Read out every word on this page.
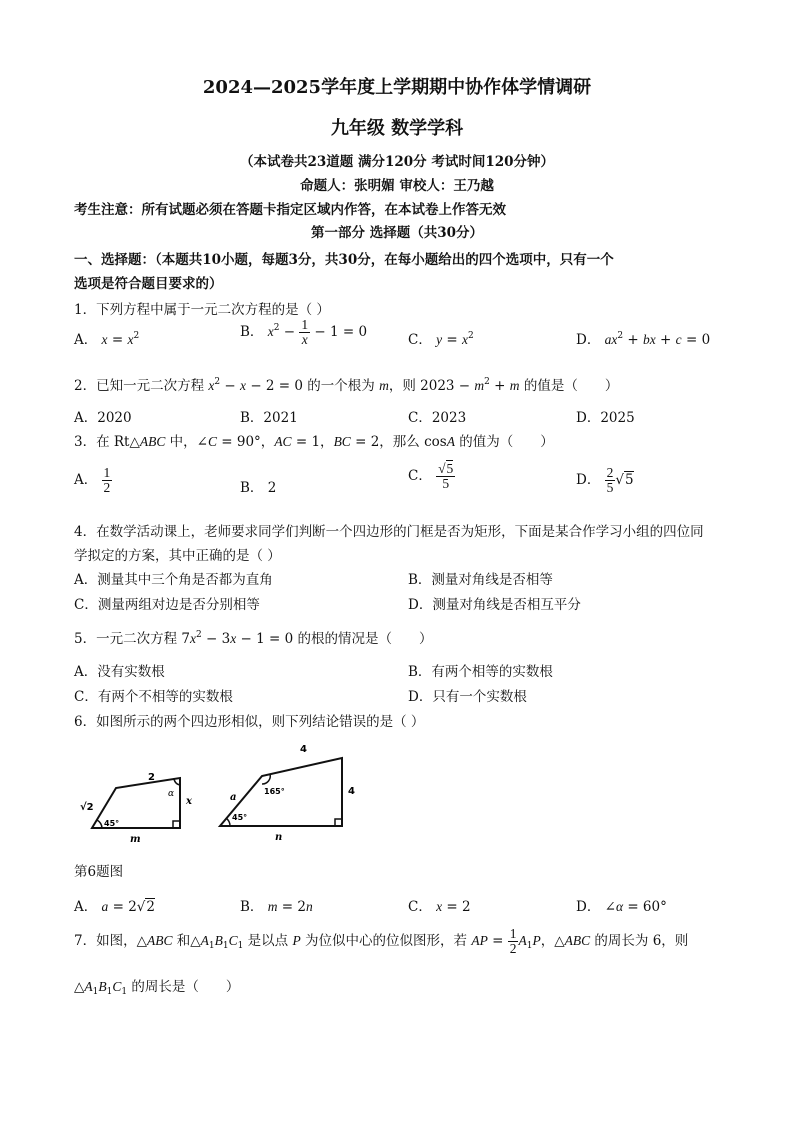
2024—2025学年度上学期期中协作体学情调研
九年级 数学学科
（本试卷共23道题 满分120分 考试时间120分钟）
命题人：张明媚 审校人：王乃越
考生注意：所有试题必须在答题卡指定区域内作答，在本试卷上作答无效
第一部分 选择题（共30分）
一、选择题：（本题共10小题，每题3分，共30分，在每小题给出的四个选项中，只有一个
选项是符合题目要求的）
1．下列方程中属于一元二次方程的是（ ）
A． $x = x^2$	B． $x^2 - \frac{1}{x} - 1 = 0$	C． $y = x^2$	D． $ax^2$ + bx + c = 0
2．已知一元二次方程 $x^2 - x - 2 = 0$ 的一个根为 m，则 $2023 - m^2 + m$ 的值是（　　）
A．2020	B．2021	C．2023	D．2025
3．在 Rt△ABC 中，∠C = 90°，AC = 1，BC = 2，那么 cosA 的值为（　　）
A． $\frac{1}{2}$	B． 2
C． $\frac{√5}{5}$	D． $\frac{2}{5} √5$
4．在数学活动课上，老师要求同学们判断一个四边形的门框是否为矩形，下面是某合作学习小组的四位同
学拟定的方案，其中正确的是（ ）
A．测量其中三个角是否都为直角	B．测量对角线是否相等
C．测量两组对边是否分别相等	D．测量对角线是否相互平分
5．一元二次方程 $7x^2 - 3x - 1 = 0$ 的根的情况是（　　）
A．没有实数根	B．有两个相等的实数根
C．有两个不相等的实数根	D．只有一个实数根
6．如图所示的两个四边形相似，则下列结论错误的是（ ）
2
√2
α
x
45°
m
4
a
165°	4
45°
n
第6题图
A． a = 2√2	B． m = 2n	C． x = 2	D． ∠α = 60°
7．如图，△ABC 和$\triangle A_1B_1C_1$ 是以点 P 为位似中心的位似图形，若 AP = $\frac{1}{2} A_1P$，△ABC 的周长为 6，则
$\triangle A_1B_1C_1$ 的周长是（　　）
